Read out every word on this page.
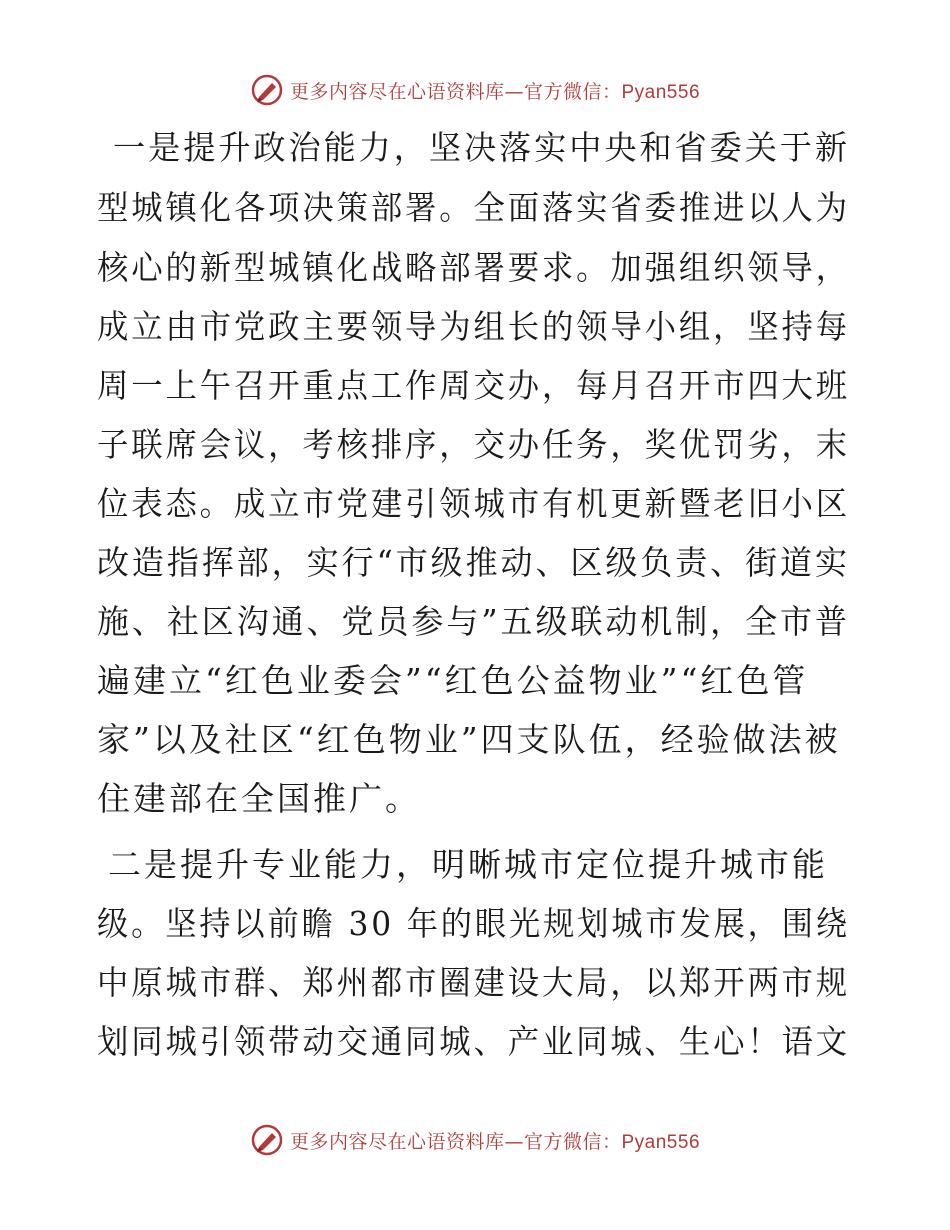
更多内容尽在心语资料库—官方微信：Pyan556
一是提升政治能力，坚决落实中央和省委关于新
型城镇化各项决策部署。全面落实省委推进以人为
核心的新型城镇化战略部署要求。加强组织领导，
成立由市党政主要领导为组长的领导小组，坚持每
周一上午召开重点工作周交办，每月召开市四大班
子联席会议，考核排序，交办任务，奖优罚劣，末
位表态。成立市党建引领城市有机更新暨老旧小区
改造指挥部，实行“市级推动、区级负责、街道实
施、社区沟通、党员参与”五级联动机制，全市普
遍建立“红色业委会”“红色公益物业”“红色管
家”以及社区“红色物业”四支队伍，经验做法被
住建部在全国推广。
二是提升专业能力，明晰城市定位提升城市能
级。坚持以前瞻 30 年的眼光规划城市发展，围绕
中原城市群、郑州都市圈建设大局，以郑开两市规
划同城引领带动交通同城、产业同城、生心！语文
更多内容尽在心语资料库—官方微信：Pyan556
